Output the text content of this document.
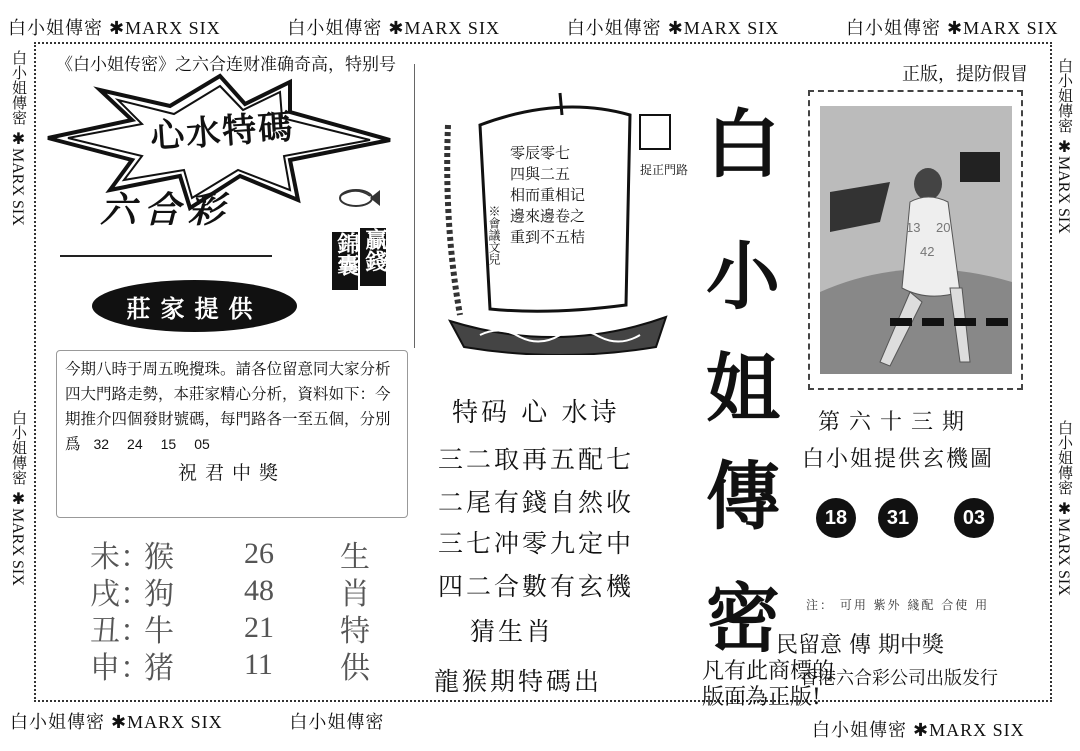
白小姐傳密 ✱MARX SIX	白小姐傳密 ✱MARX SIX	白小姐傳密 ✱MARX SIX	白小姐傳密 ✱MARX SIX
白小姐傳密 ✱MARX SIX	白小姐傳密	白小姐傳密 ✱MARX SIX
白小姐傳密
✱MARX SIX
白小姐傳密
✱MARX SIX
白小姐傳密
✱MARX SIX
白小姐傳密
✱MARX SIX
《白小姐传密》之六合连财准确奇高，特别号	正版，提防假冒
心水特碼
六合彩
錦囊 贏錢
莊家提供
今期八時于周五晚攪珠。請各位留意同大家分析四大門路走勢，本莊家精心分析，資料如下：今期推介四個發財號碼，每門路各一至五個，分別爲 32 24 15 05
祝君中獎
未：
猴	26	生
戌：
狗	48	肖
丑：
牛	21	特
申：
猪	11	供
零辰零七
四與二五
相而重相记
邊來邊卷之
重到不五桔
※會議文兒
捉正門路
特码 心 水诗
三二取再五配七
二尾有錢自然收
三七冲零九定中
四二合數有玄機
猜生肖
龍猴期特碼出
白
小
姐
傳
密
13 20
42
第六十三期
白小姐提供玄機圖
18	31	03
注： 可用 紫外 綫配 合使 用
民留意 傳 期中獎
凡有此商標的
香港六合彩公司出版发行
版面為正版!
